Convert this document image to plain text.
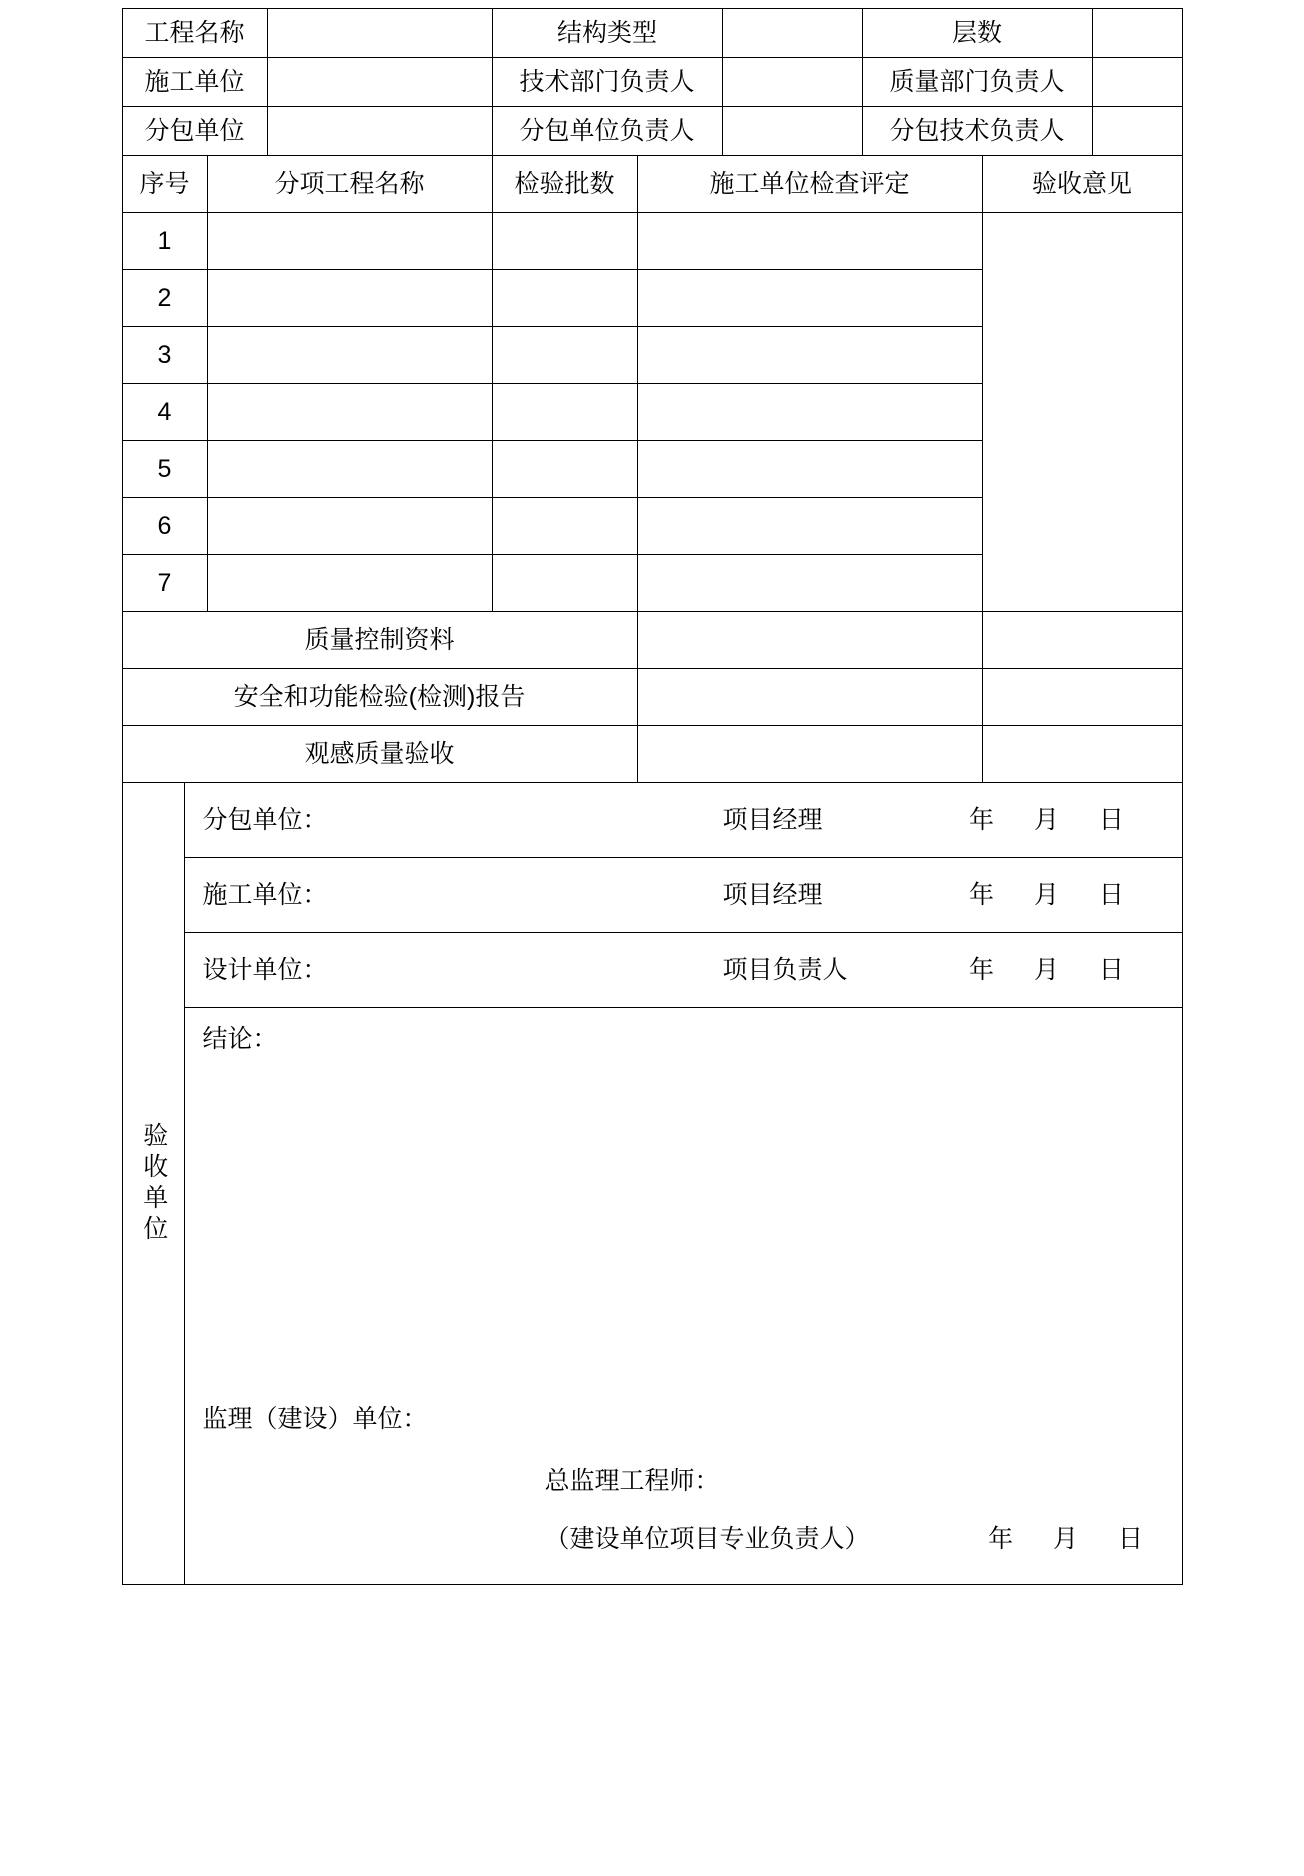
工程名称		结构类型		层数	
施工单位		技术部门负责人		质量部门负责人	
分包单位		分包单位负责人		分包技术负责人	
序号	分项工程名称	检验批数	施工单位检查评定	验收意见
1				
2				
3				
4				
5				
6				
7				
质量控制资料				
安全和功能检验(检测)报告				
观感质量验收				
验收单位	
分包单位：	项目经理	年 月 日

施工单位：	项目经理	年 月 日

设计单位：	项目负责人	年 月 日

结论：
监理（建设）单位：
总监理工程师：
（建设单位项目专业负责人）	年 月 日
